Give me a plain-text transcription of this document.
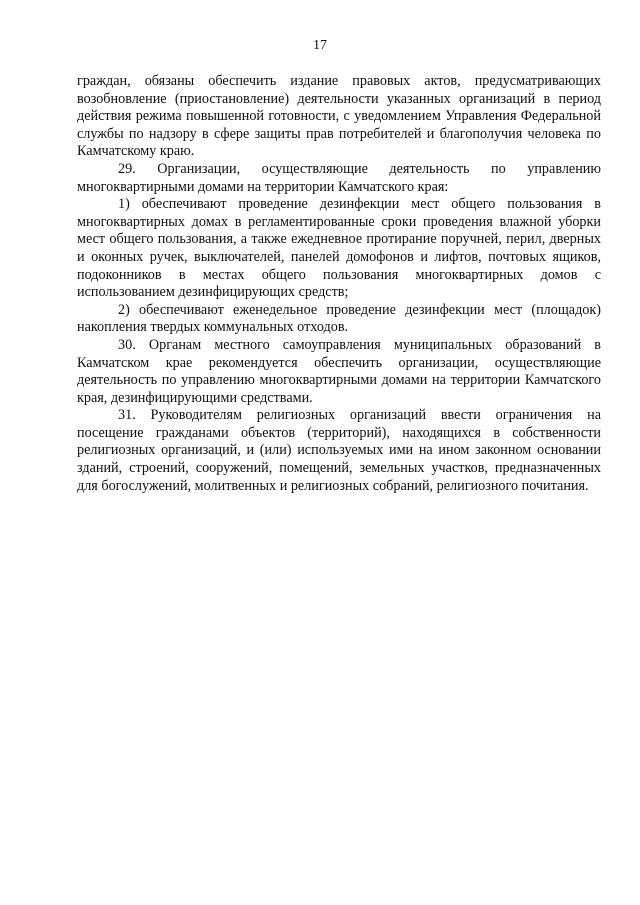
17

граждан, обязаны обеспечить издание правовых актов, предусматривающих возобновление (приостановление) деятельности указанных организаций в период действия режима повышенной готовности, с уведомлением Управления Федеральной службы по надзору в сфере защиты прав потребителей и благополучия человека по Камчатскому краю.

29. Организации, осуществляющие деятельность по управлению многоквартирными домами на территории Камчатского края:

1) обеспечивают проведение дезинфекции мест общего пользования в многоквартирных домах в регламентированные сроки проведения влажной уборки мест общего пользования, а также ежедневное протирание поручней, перил, дверных и оконных ручек, выключателей, панелей домофонов и лифтов, почтовых ящиков, подоконников в местах общего пользования многоквартирных домов с использованием дезинфицирующих средств;

2) обеспечивают еженедельное проведение дезинфекции мест (площадок) накопления твердых коммунальных отходов.

30. Органам местного самоуправления муниципальных образований в Камчатском крае рекомендуется обеспечить организации, осуществляющие деятельность по управлению многоквартирными домами на территории Камчатского края, дезинфицирующими средствами.

31. Руководителям религиозных организаций ввести ограничения на посещение гражданами объектов (территорий), находящихся в собственности религиозных организаций, и (или) используемых ими на ином законном основании зданий, строений, сооружений, помещений, земельных участков, предназначенных для богослужений, молитвенных и религиозных собраний, религиозного почитания.
